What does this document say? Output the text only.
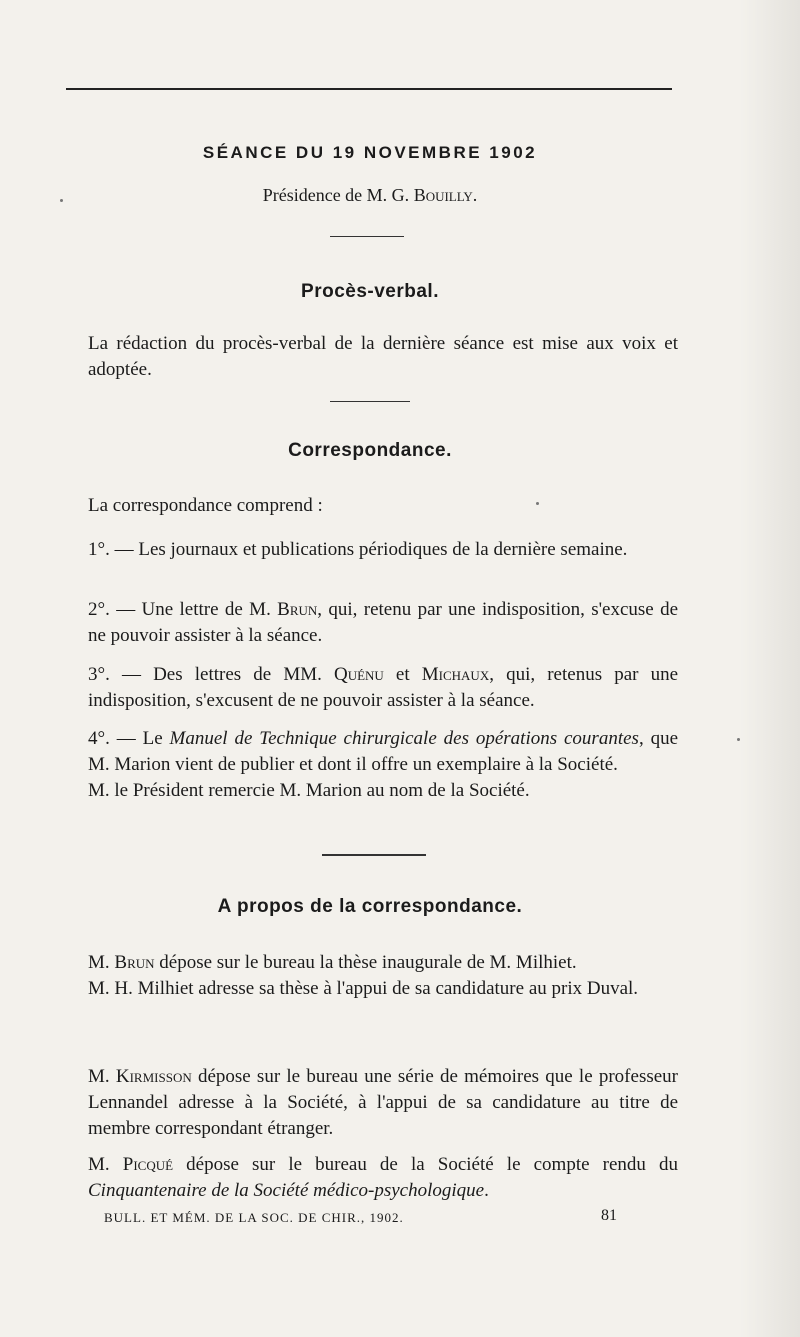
SÉANCE DU 19 NOVEMBRE 1902
Présidence de M. G. Bouilly.
Procès-verbal.

La rédaction du procès-verbal de la dernière séance est mise aux voix et adoptée.

Correspondance.

La correspondance comprend :

1°. — Les journaux et publications périodiques de la dernière semaine.

2°. — Une lettre de M. Brun, qui, retenu par une indisposition, s'excuse de ne pouvoir assister à la séance.

3°. — Des lettres de MM. Quénu et Michaux, qui, retenus par une indisposition, s'excusent de ne pouvoir assister à la séance.

4°. — Le Manuel de Technique chirurgicale des opérations courantes, que M. Marion vient de publier et dont il offre un exemplaire à la Société.

M. le Président remercie M. Marion au nom de la Société.

A propos de la correspondance.

M. Brun dépose sur le bureau la thèse inaugurale de M. Milhiet.

M. H. Milhiet adresse sa thèse à l'appui de sa candidature au prix Duval.

M. Kirmisson dépose sur le bureau une série de mémoires que le professeur Lennandel adresse à la Société, à l'appui de sa candidature au titre de membre correspondant étranger.

M. Picqué dépose sur le bureau de la Société le compte rendu du Cinquantenaire de la Société médico-psychologique.

BULL. ET MÉM. DE LA SOC. DE CHIR., 1902.	81
